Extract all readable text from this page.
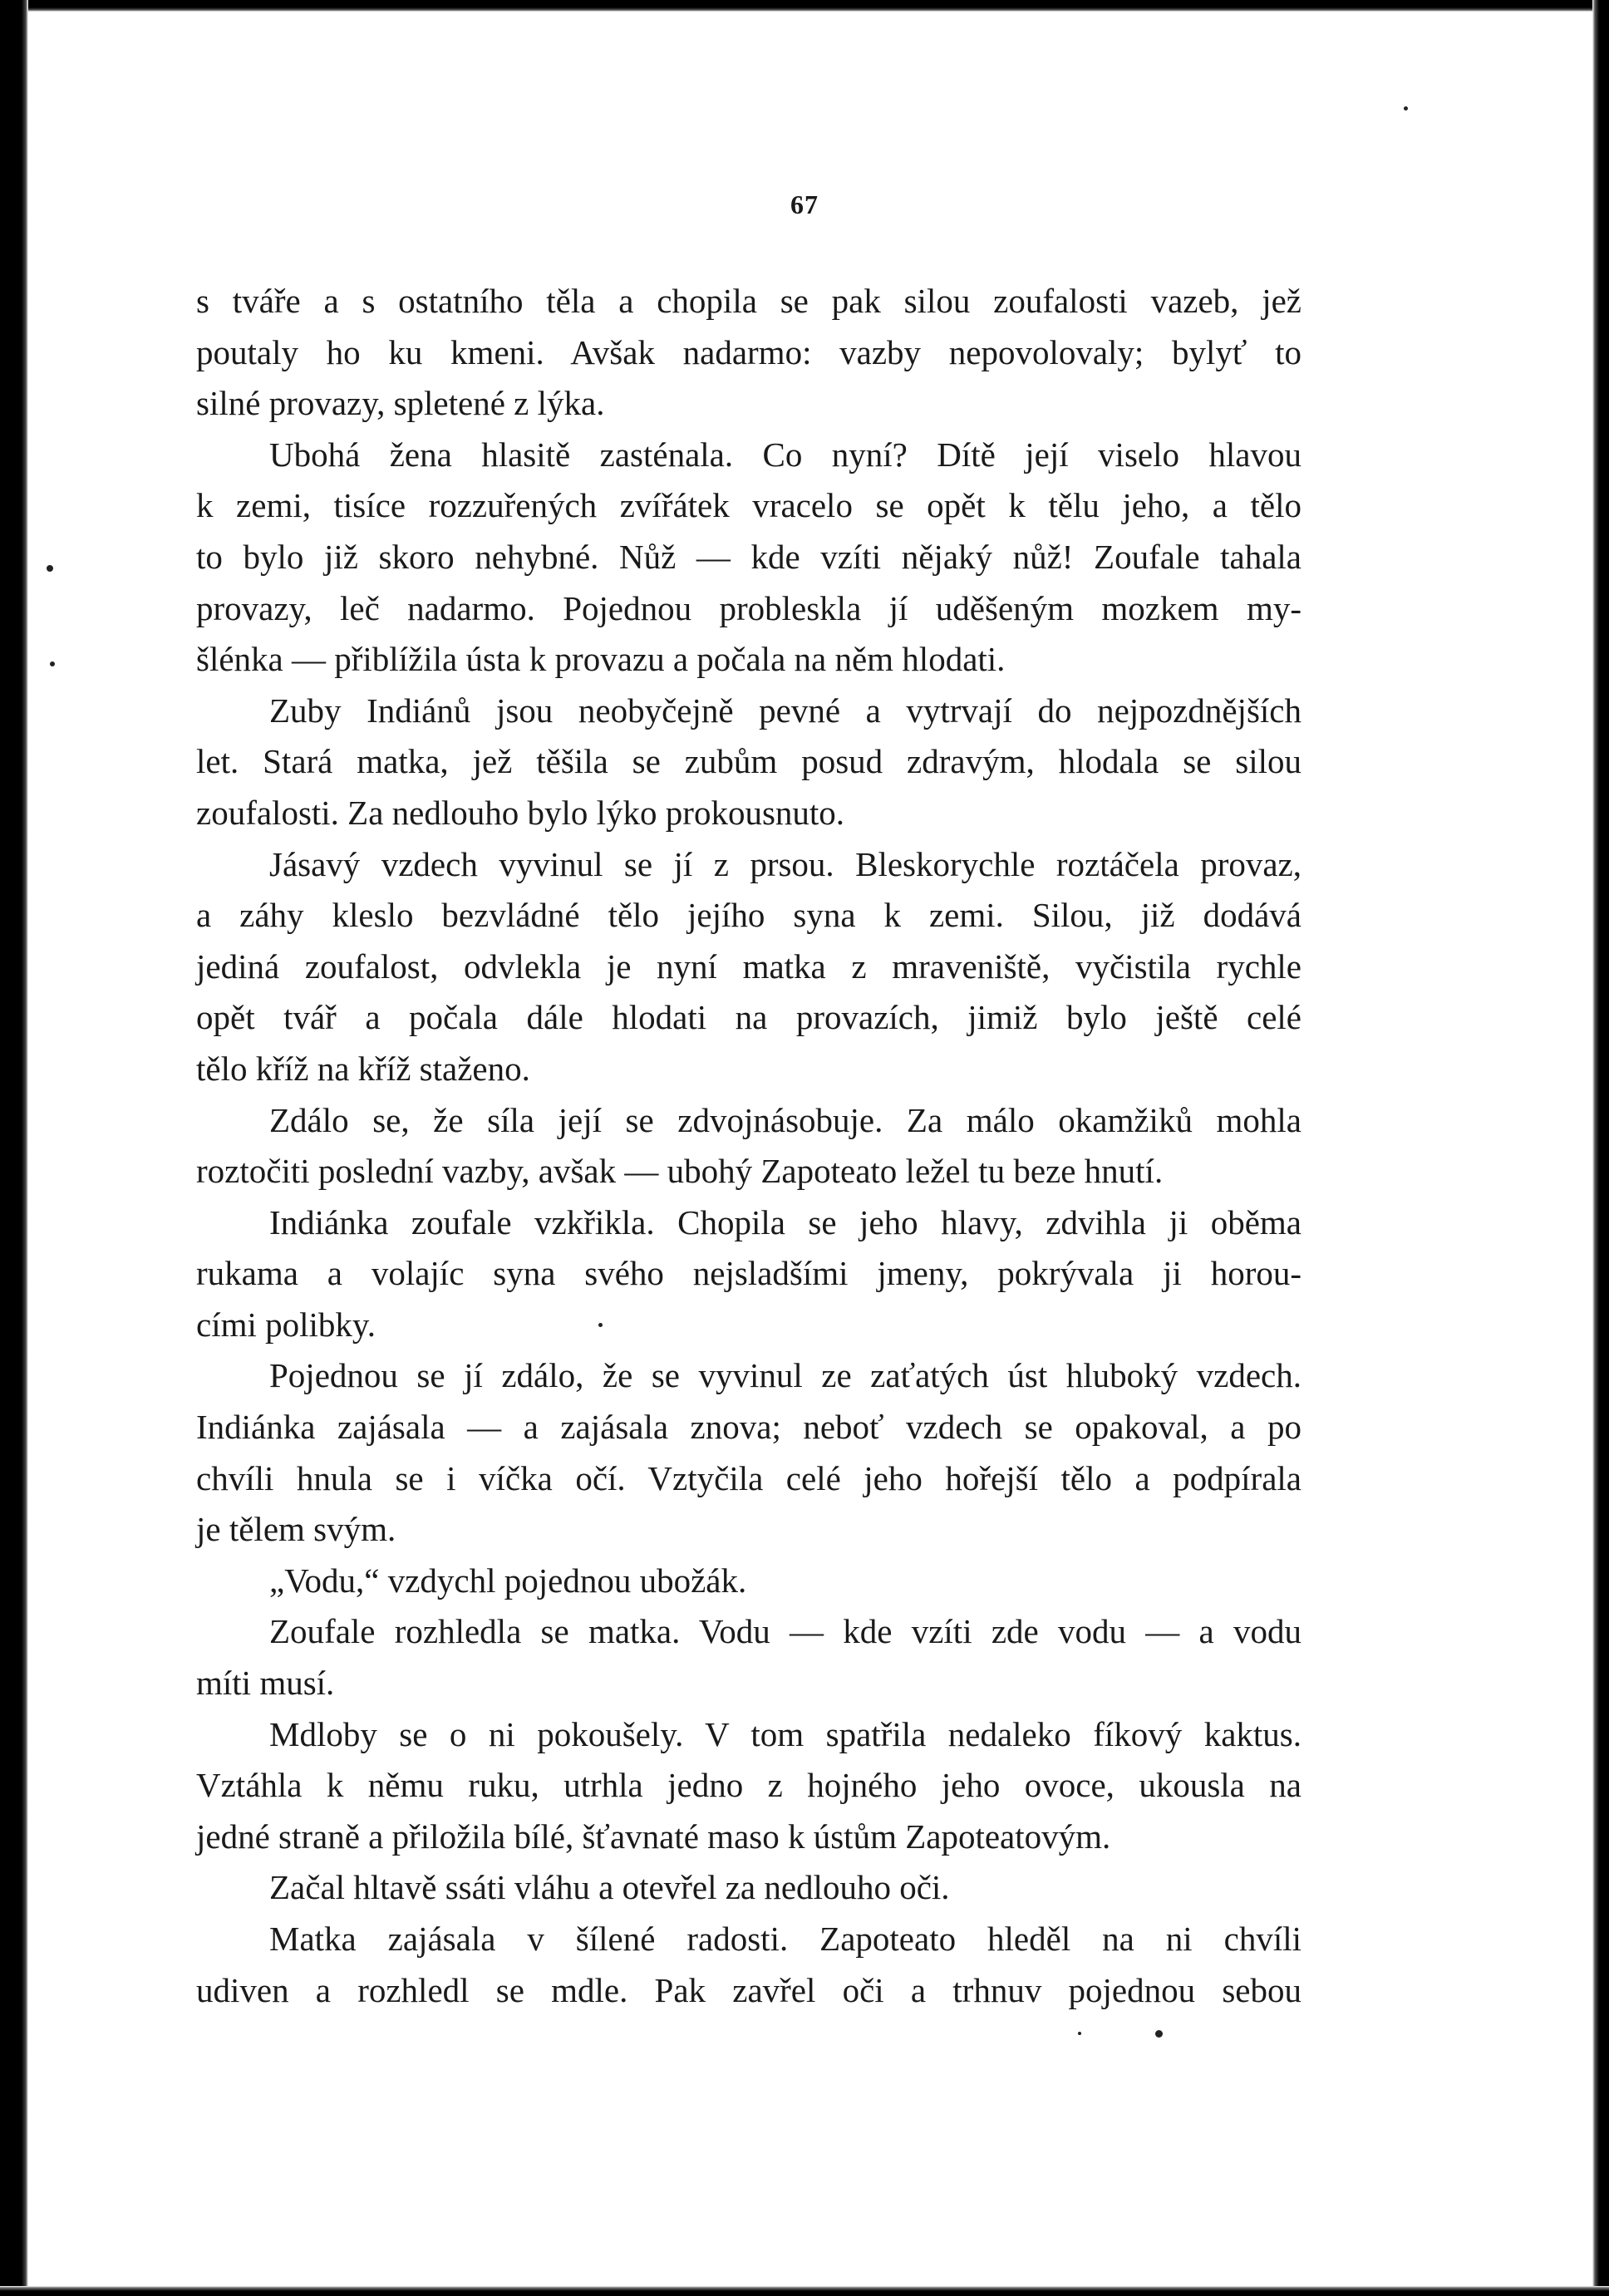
67
s tváře a s ostatního těla a chopila se pak silou zoufalosti vazeb, jež
poutaly ho ku kmeni. Avšak nadarmo: vazby nepovolovaly; bylyť to
silné provazy, spletené z lýka.
Ubohá žena hlasitě zasténala. Co nyní? Dítě její viselo hlavou
k zemi, tisíce rozzuřených zvířátek vracelo se opět k tělu jeho, a tělo
to bylo již skoro nehybné. Nůž — kde vzíti nějaký nůž! Zoufale tahala
provazy, leč nadarmo. Pojednou probleskla jí uděšeným mozkem my-
šlénka — přiblížila ústa k provazu a počala na něm hlodati.
Zuby Indiánů jsou neobyčejně pevné a vytrvají do nejpozdnějších
let. Stará matka, jež těšila se zubům posud zdravým, hlodala se silou
zoufalosti. Za nedlouho bylo lýko prokousnuto.
Jásavý vzdech vyvinul se jí z prsou. Bleskorychle roztáčela provaz,
a záhy kleslo bezvládné tělo jejího syna k zemi. Silou, již dodává
jediná zoufalost, odvlekla je nyní matka z mraveniště, vyčistila rychle
opět tvář a počala dále hlodati na provazích, jimiž bylo ještě celé
tělo kříž na kříž staženo.
Zdálo se, že síla její se zdvojnásobuje. Za málo okamžiků mohla
roztočiti poslední vazby, avšak — ubohý Zapoteato ležel tu beze hnutí.
Indiánka zoufale vzkřikla. Chopila se jeho hlavy, zdvihla ji oběma
rukama a volajíc syna svého nejsladšími jmeny, pokrývala ji horou-
cími polibky.
Pojednou se jí zdálo, že se vyvinul ze zaťatých úst hluboký vzdech.
Indiánka zajásala — a zajásala znova; neboť vzdech se opakoval, a po
chvíli hnula se i víčka očí. Vztyčila celé jeho hořejší tělo a podpírala
je tělem svým.
„Vodu,“ vzdychl pojednou ubožák.
Zoufale rozhledla se matka. Vodu — kde vzíti zde vodu — a vodu
míti musí.
Mdloby se o ni pokoušely. V tom spatřila nedaleko fíkový kaktus.
Vztáhla k němu ruku, utrhla jedno z hojného jeho ovoce, ukousla na
jedné straně a přiložila bílé, šťavnaté maso k ústům Zapoteatovým.
Začal hltavě ssáti vláhu a otevřel za nedlouho oči.
Matka zajásala v šílené radosti. Zapoteato hleděl na ni chvíli
udiven a rozhledl se mdle. Pak zavřel oči a trhnuv pojednou sebou
